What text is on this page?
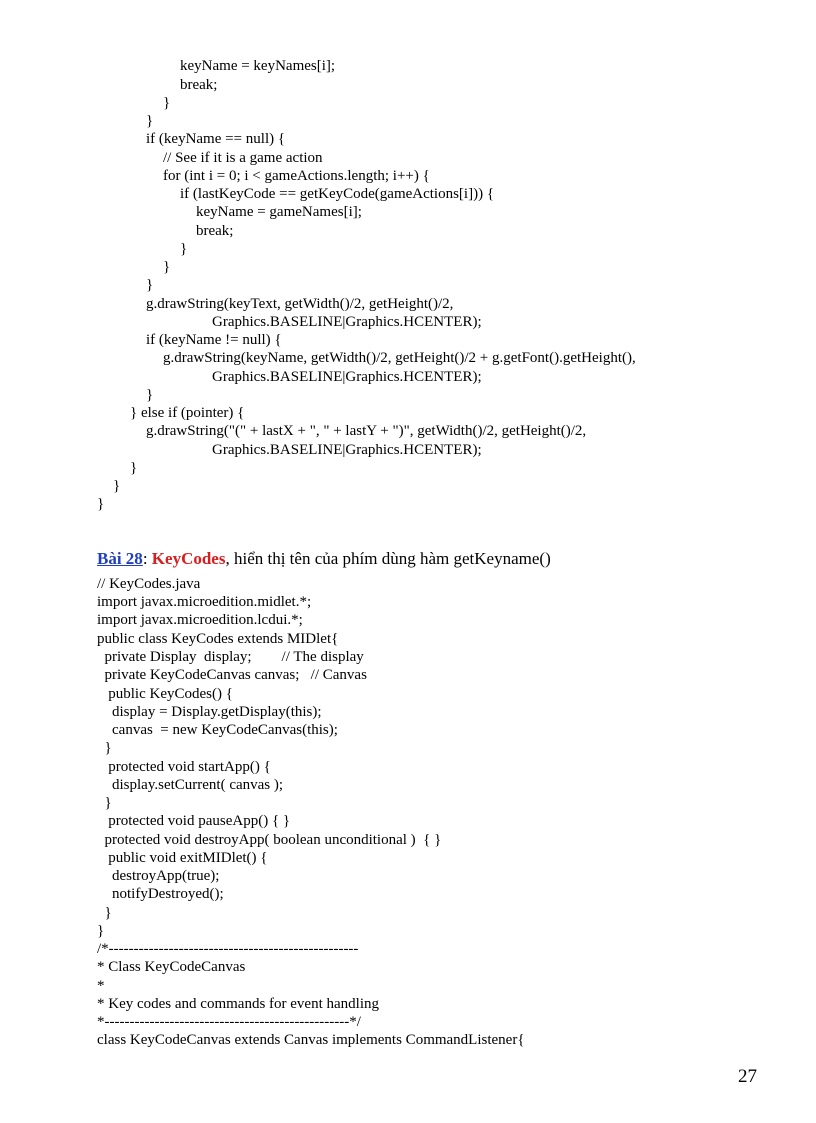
keyName = keyNames[i];
break;
}
}
if (keyName == null) {
// See if it is a game action
for (int i = 0; i < gameActions.length; i++) {
if (lastKeyCode == getKeyCode(gameActions[i])) {
keyName = gameNames[i];
break;
}
}
}
g.drawString(keyText, getWidth()/2, getHeight()/2,
Graphics.BASELINE|Graphics.HCENTER);
if (keyName != null) {
g.drawString(keyName, getWidth()/2, getHeight()/2 + g.getFont().getHeight(),
Graphics.BASELINE|Graphics.HCENTER);
}
} else if (pointer) {
g.drawString("(" + lastX + ", " + lastY + ")", getWidth()/2, getHeight()/2,
Graphics.BASELINE|Graphics.HCENTER);
}
}
}
Bài 28: KeyCodes, hiển thị tên của phím dùng hàm getKeyname()
// KeyCodes.java
import javax.microedition.midlet.*;
import javax.microedition.lcdui.*;
public class KeyCodes extends MIDlet{
private Display  display;        // The display
private KeyCodeCanvas canvas;   // Canvas
public KeyCodes() {
display = Display.getDisplay(this);
canvas  = new KeyCodeCanvas(this);
}
protected void startApp() {
display.setCurrent( canvas );
}
protected void pauseApp() { }
protected void destroyApp( boolean unconditional )  { }
public void exitMIDlet() {
destroyApp(true);
notifyDestroyed();
}
}
/*--------------------------------------------------
* Class KeyCodeCanvas
*
* Key codes and commands for event handling
*-------------------------------------------------*/
class KeyCodeCanvas extends Canvas implements CommandListener{
27
